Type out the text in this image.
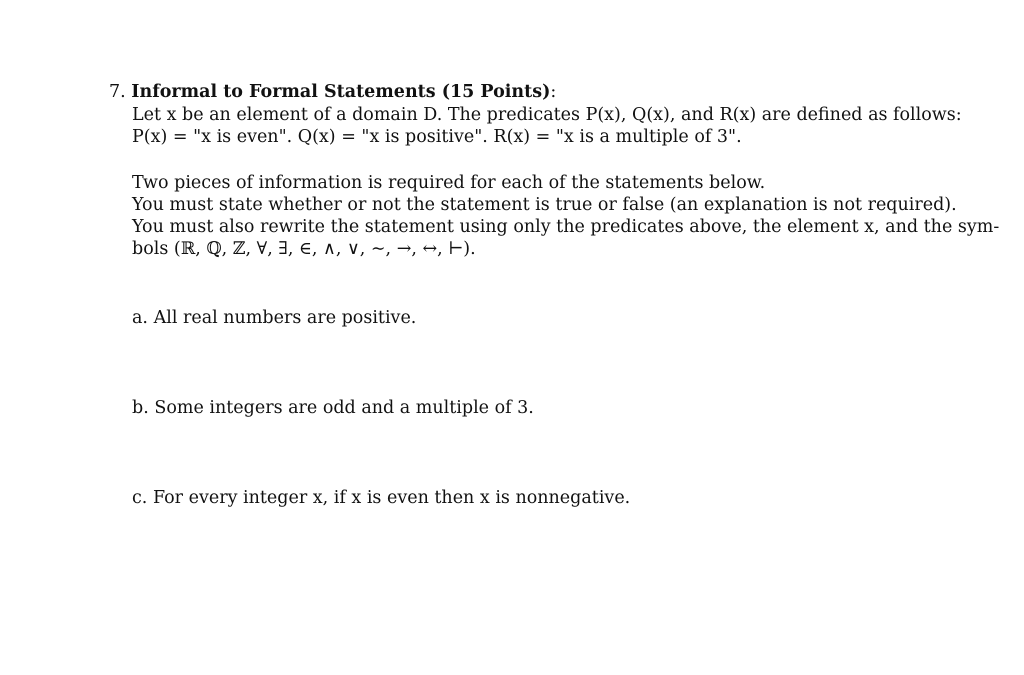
7. Informal to Formal Statements (15 Points):
Let x be an element of a domain D. The predicates P(x), Q(x), and R(x) are defined as follows:
P(x) = "x is even". Q(x) = "x is positive". R(x) = "x is a multiple of 3".
Two pieces of information is required for each of the statements below.
You must state whether or not the statement is true or false (an explanation is not required).
You must also rewrite the statement using only the predicates above, the element x, and the sym-
bols (ℝ, ℚ, ℤ, ∀, ∃, ∈, ∧, ∨, ∼, →, ↔, ⊢).
a. All real numbers are positive.
b. Some integers are odd and a multiple of 3.
c. For every integer x, if x is even then x is nonnegative.
